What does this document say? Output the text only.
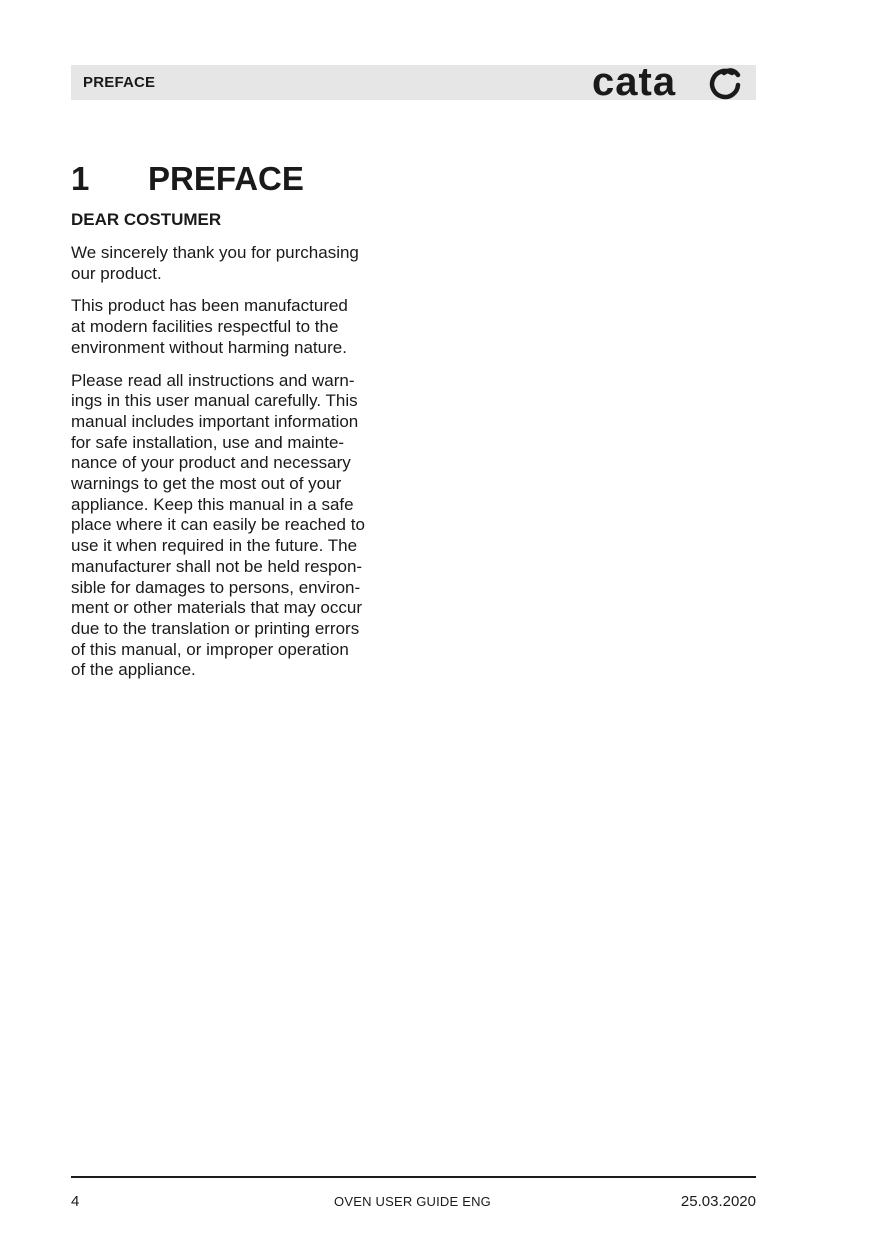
PREFACE	cata
1 PREFACE
DEAR COSTUMER

We sincerely thank you for purchasing
our product.

This product has been manufactured
at modern facilities respectful to the
environment without harming nature.

Please read all instructions and warn-
ings in this user manual carefully. This
manual includes important information
for safe installation, use and mainte-
nance of your product and necessary
warnings to get the most out of your
appliance. Keep this manual in a safe
place where it can easily be reached to
use it when required in the future. The
manufacturer shall not be held respon-
sible for damages to persons, environ-
ment or other materials that may occur
due to the translation or printing errors
of this manual, or improper operation
of the appliance.

4	OVEN USER GUIDE ENG	25.03.2020
